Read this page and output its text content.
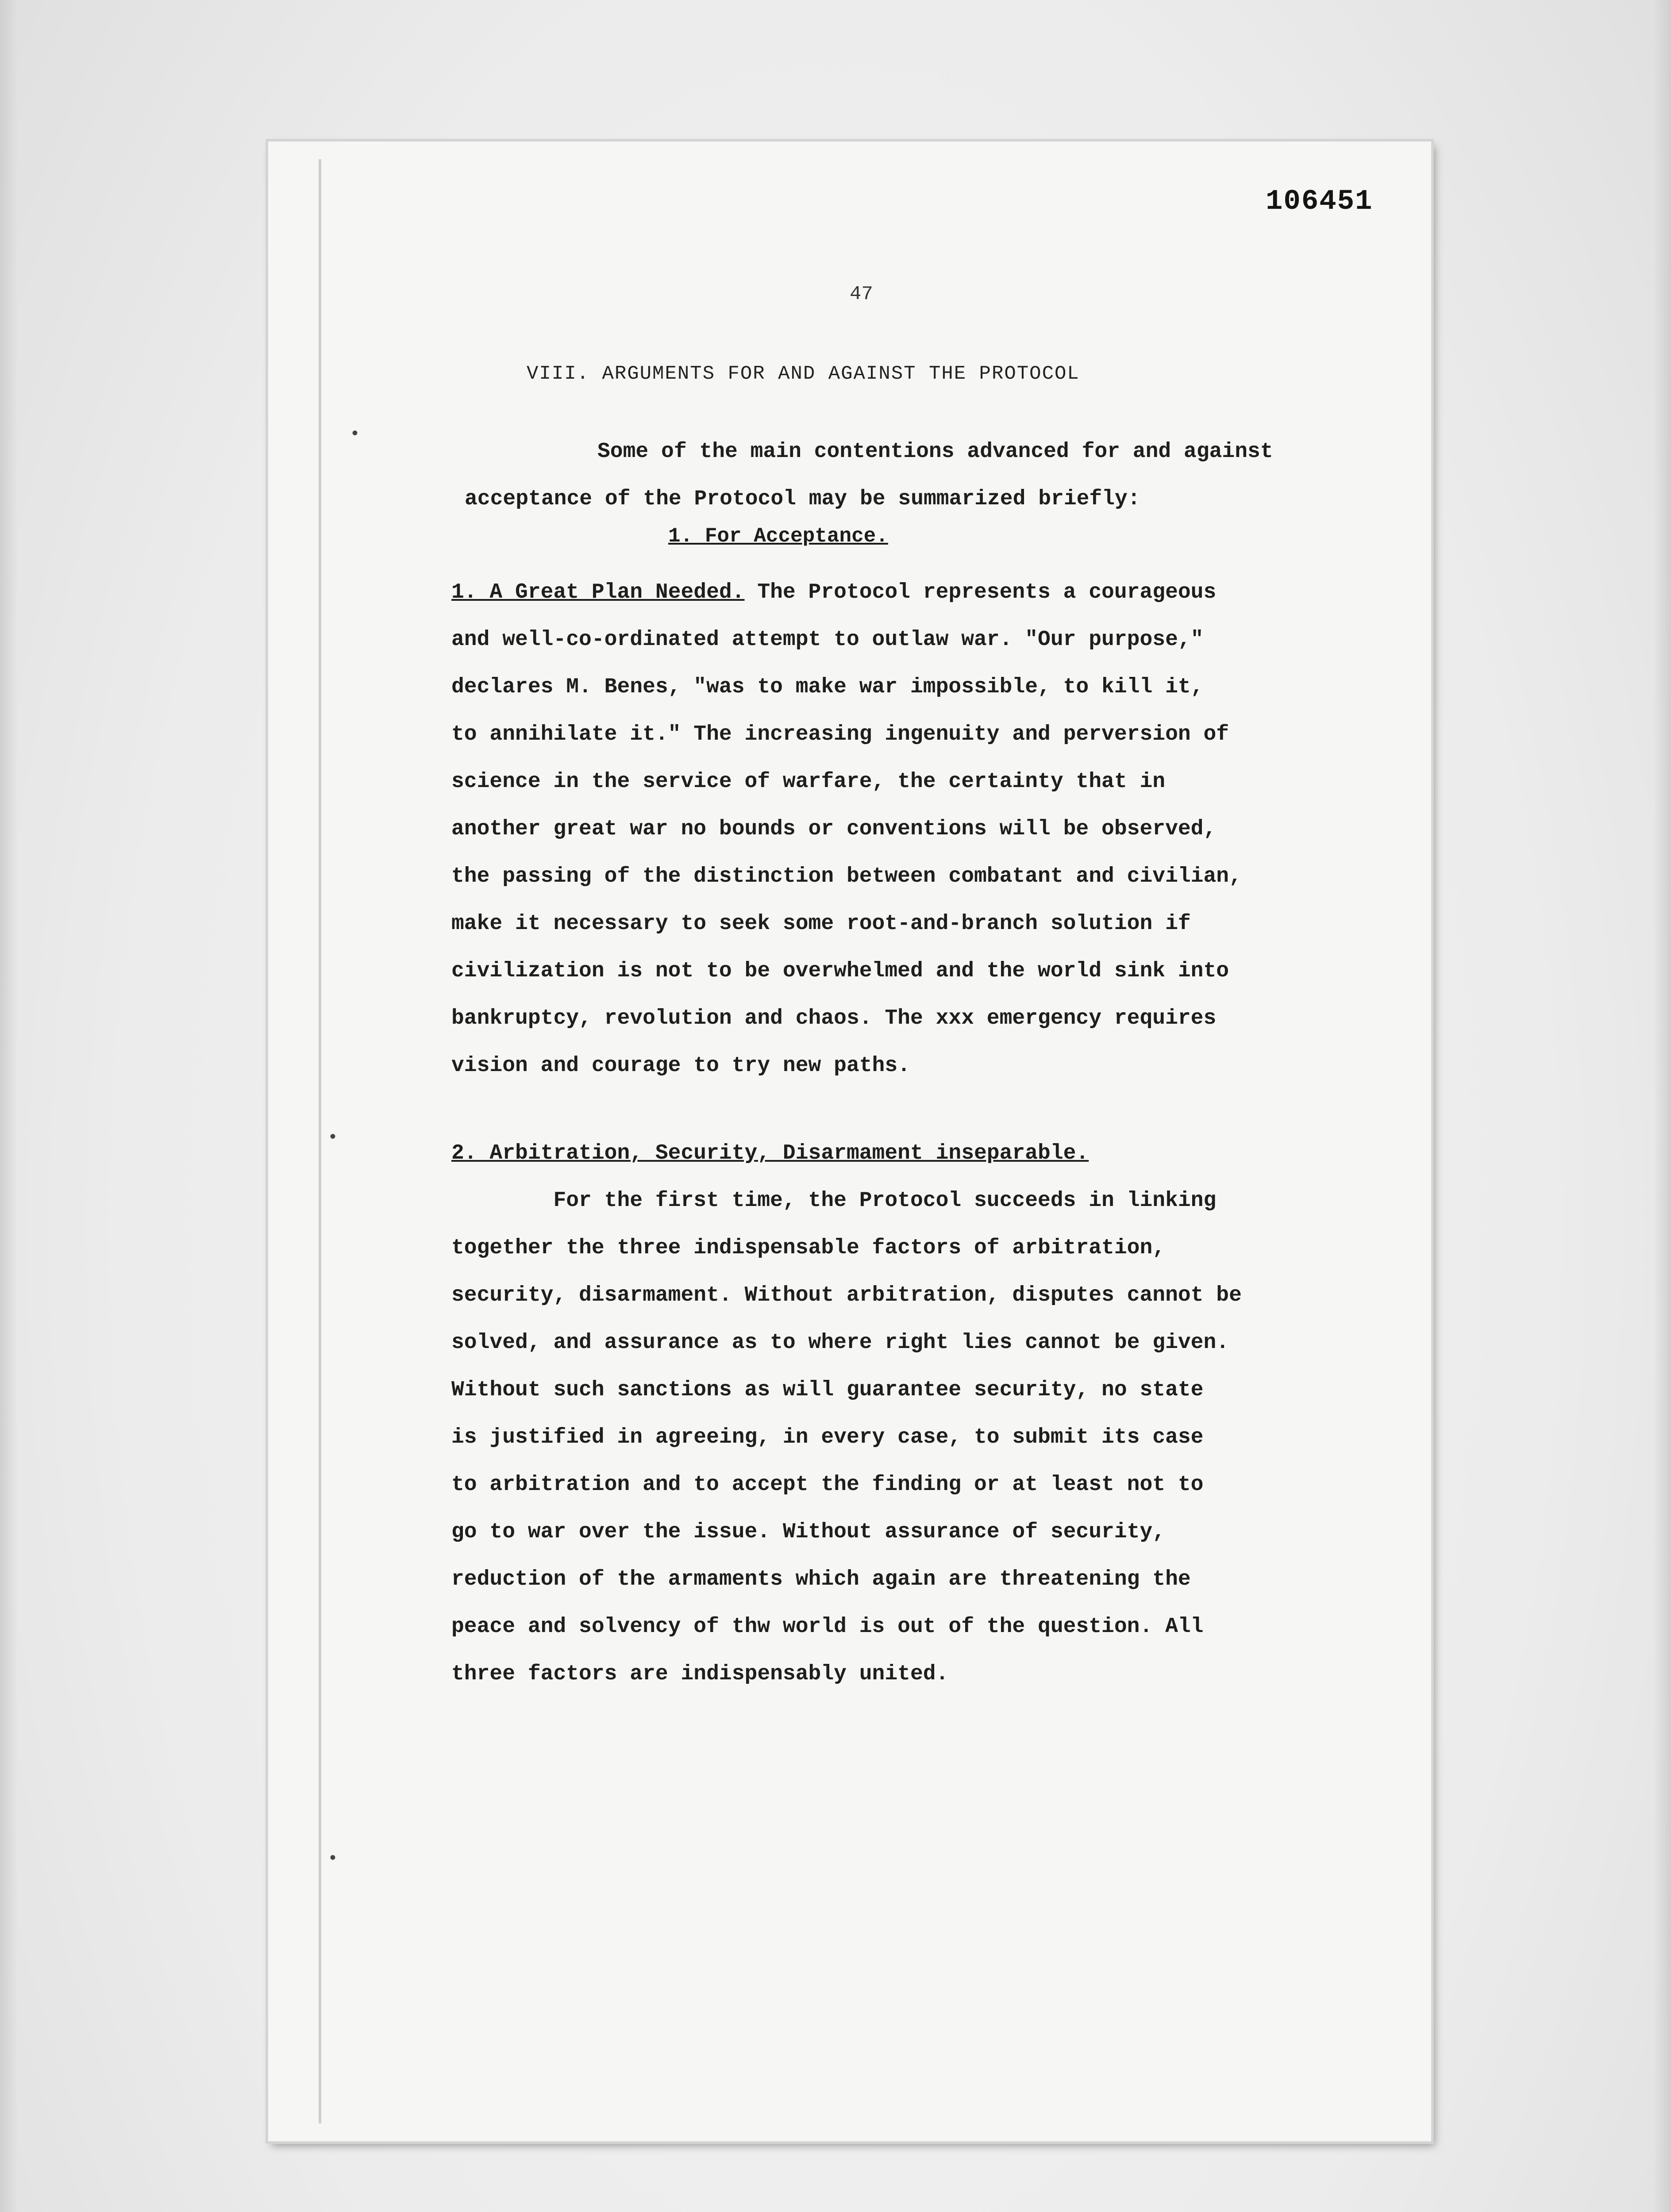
106451
47
VIII. ARGUMENTS FOR AND AGAINST THE PROTOCOL
•
•
•
Some of the main contentions advanced for and against
acceptance of the Protocol may be summarized briefly:
1. For Acceptance.
1. A Great Plan Needed. The Protocol represents a courageous
and well-co-ordinated attempt to outlaw war. "Our purpose,"
declares M. Benes, "was to make war impossible, to kill it,
to annihilate it." The increasing ingenuity and perversion of
science in the service of warfare, the certainty that in
another great war no bounds or conventions will be observed,
the passing of the distinction between combatant and civilian,
make it necessary to seek some root-and-branch solution if
civilization is not to be overwhelmed and the world sink into
bankruptcy, revolution and chaos. The xxx emergency requires
vision and courage to try new paths.
2. Arbitration, Security, Disarmament inseparable.
For the first time, the Protocol succeeds in linking
together the three indispensable factors of arbitration,
security, disarmament. Without arbitration, disputes cannot be
solved, and assurance as to where right lies cannot be given.
Without such sanctions as will guarantee security, no state
is justified in agreeing, in every case, to submit its case
to arbitration and to accept the finding or at least not to
go to war over the issue. Without assurance of security,
reduction of the armaments which again are threatening the
peace and solvency of thw world is out of the question. All
three factors are indispensably united.
